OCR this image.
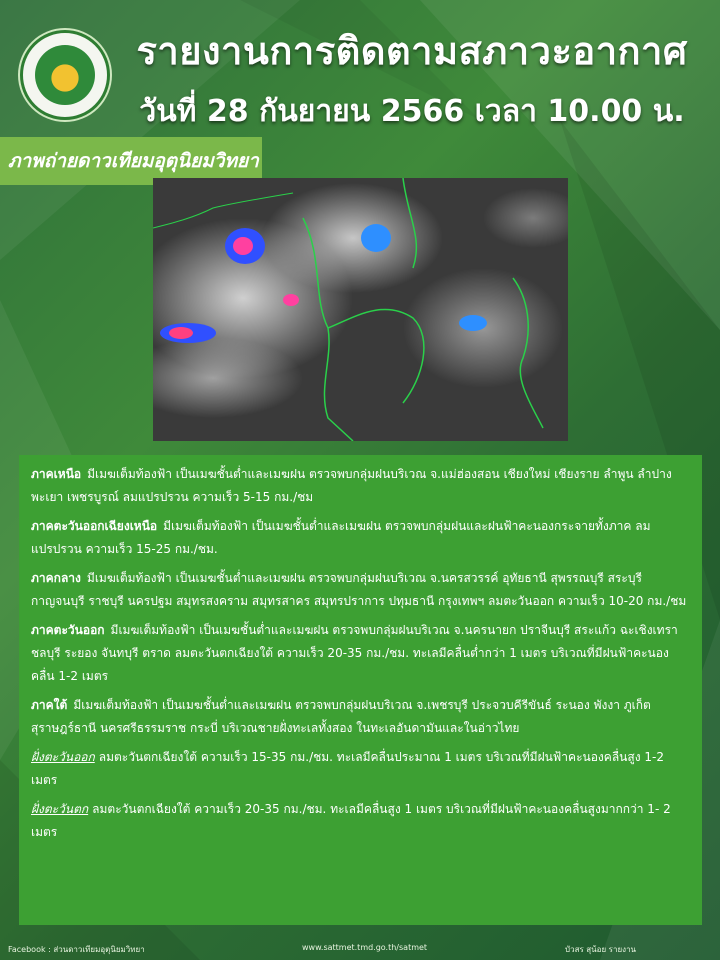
รายงานการติดตามสภาวะอากาศ
วันที่ 28 กันยายน 2566 เวลา 10.00 น.
ภาพถ่ายดาวเทียมอุตุนิยมวิทยา

ภาคเหนือ มีเมฆเต็มท้องฟ้า เป็นเมฆชั้นต่ำและเมฆฝน ตรวจพบกลุ่มฝนบริเวณ จ.แม่ฮ่องสอน เชียงใหม่ เชียงราย ลำพูน ลำปาง พะเยา เพชรบูรณ์ ลมแปรปรวน ความเร็ว 5-15 กม./ชม

ภาคตะวันออกเฉียงเหนือ มีเมฆเต็มท้องฟ้า เป็นเมฆชั้นต่ำและเมฆฝน ตรวจพบกลุ่มฝนและฝนฟ้าคะนองกระจายทั้งภาค ลมแปรปรวน ความเร็ว 15-25 กม./ชม.

ภาคกลาง มีเมฆเต็มท้องฟ้า เป็นเมฆชั้นต่ำและเมฆฝน ตรวจพบกลุ่มฝนบริเวณ จ.นครสวรรค์ อุทัยธานี สุพรรณบุรี สระบุรี กาญจนบุรี ราชบุรี นครปฐม สมุทรสงคราม สมุทรสาคร สมุทรปราการ ปทุมธานี กรุงเทพฯ ลมตะวันออก ความเร็ว 10-20 กม./ชม

ภาคตะวันออก มีเมฆเต็มท้องฟ้า เป็นเมฆชั้นต่ำและเมฆฝน ตรวจพบกลุ่มฝนบริเวณ จ.นครนายก ปราจีนบุรี สระแก้ว ฉะเชิงเทรา ชลบุรี ระยอง จันทบุรี ตราด ลมตะวันตกเฉียงใต้ ความเร็ว 20-35 กม./ชม. ทะเลมีคลื่นต่ำกว่า 1 เมตร บริเวณที่มีฝนฟ้าคะนองคลื่น 1-2 เมตร

ภาคใต้ มีเมฆเต็มท้องฟ้า เป็นเมฆชั้นต่ำและเมฆฝน ตรวจพบกลุ่มฝนบริเวณ จ.เพชรบุรี ประจวบคีรีขันธ์ ระนอง พังงา ภูเก็ต สุราษฎร์ธานี นครศรีธรรมราช กระบี่ บริเวณชายฝั่งทะเลทั้งสอง ในทะเลอันดามันและในอ่าวไทย

ฝั่งตะวันออก ลมตะวันตกเฉียงใต้ ความเร็ว 15-35 กม./ชม. ทะเลมีคลื่นประมาณ 1 เมตร บริเวณที่มีฝนฟ้าคะนองคลื่นสูง 1-2 เมตร

ฝั่งตะวันตก ลมตะวันตกเฉียงใต้ ความเร็ว 20-35 กม./ชม. ทะเลมีคลื่นสูง 1 เมตร บริเวณที่มีฝนฟ้าคะนองคลื่นสูงมากกว่า 1- 2 เมตร

Facebook : ส่วนดาวเทียมอุตุนิยมวิทยา	www.sattmet.tmd.go.th/satmet	บัวสร สุน้อย รายงาน
